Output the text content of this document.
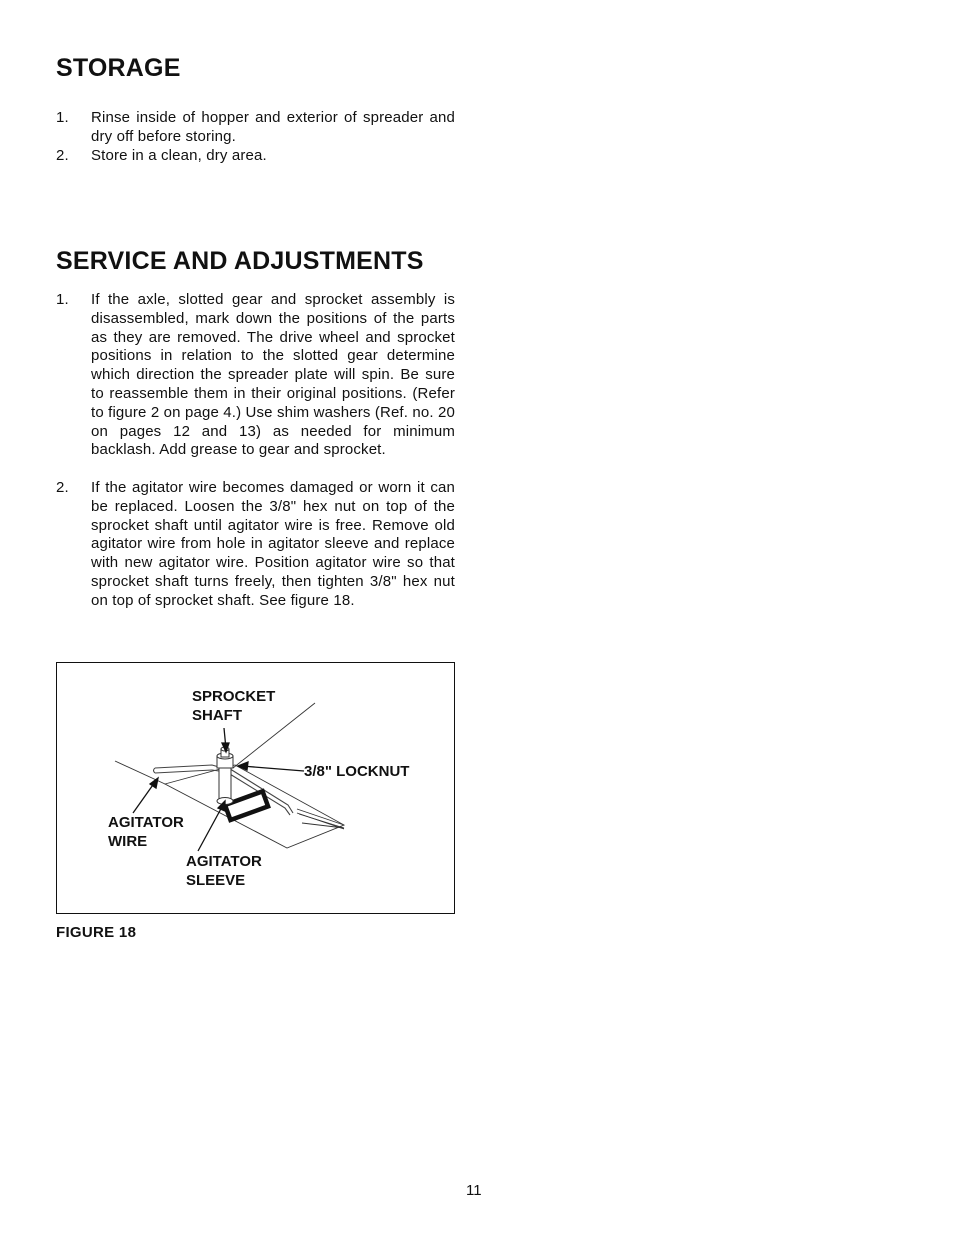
STORAGE
1.	Rinse inside of hopper and exterior of spreader and dry off before storing.
2.	Store in a clean, dry area.
SERVICE AND ADJUSTMENTS
1.	If the axle, slotted gear and sprocket assembly is disassembled, mark down the positions of the parts as they are removed. The drive wheel and sprocket positions in relation to the slotted gear determine which direction the spreader plate will spin. Be sure to reassemble them in their original positions. (Refer to figure 2 on page 4.) Use shim washers (Ref. no. 20 on pages 12 and 13) as needed for minimum backlash. Add grease to gear and sprocket.
2.	If the agitator wire becomes damaged or worn it can be replaced. Loosen the 3/8" hex nut on top of the sprocket shaft until agitator wire is free. Remove old agitator wire from hole in agitator sleeve and replace with new agitator wire. Position agitator wire so that sprocket shaft turns freely, then tighten 3/8" hex nut on top of sprocket shaft. See figure 18.
SPROCKET
SHAFT
3/8" LOCKNUT
AGITATOR
WIRE
AGITATOR
SLEEVE
FIGURE 18
11
